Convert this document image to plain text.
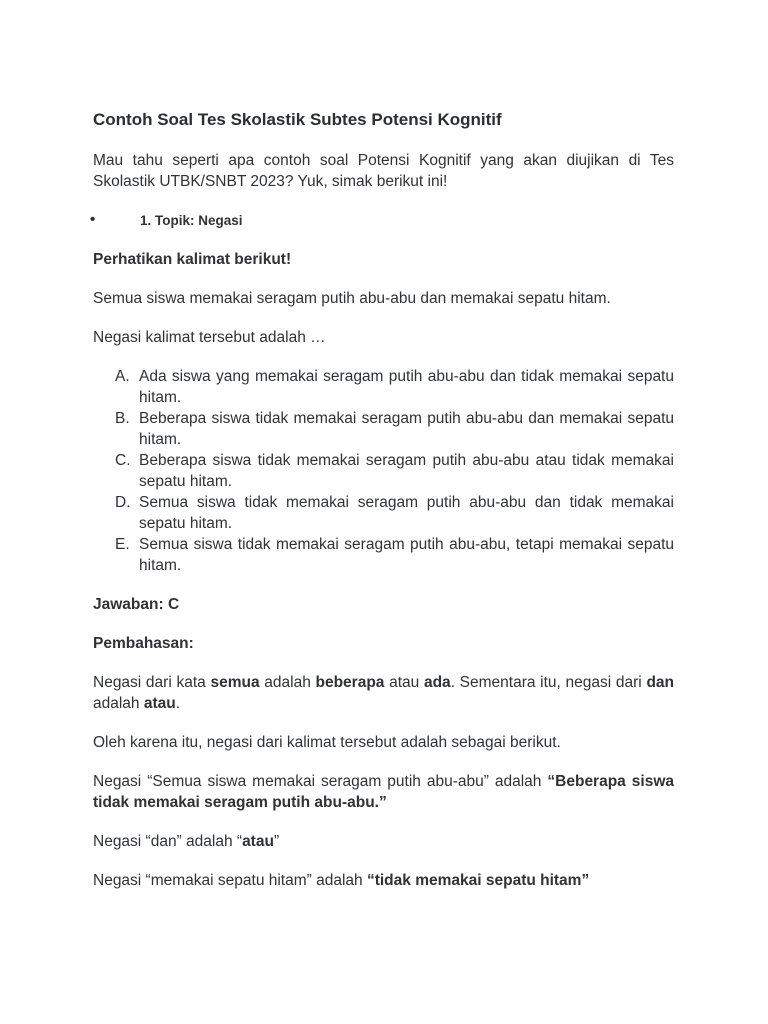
Contoh Soal Tes Skolastik Subtes Potensi Kognitif

Mau tahu seperti apa contoh soal Potensi Kognitif yang akan diujikan di Tes Skolastik UTBK/SNBT 2023? Yuk, simak berikut ini!

•	1. Topik: Negasi

Perhatikan kalimat berikut!

Semua siswa memakai seragam putih abu-abu dan memakai sepatu hitam.

Negasi kalimat tersebut adalah …

A. Ada siswa yang memakai seragam putih abu-abu dan tidak memakai sepatu hitam.
B. Beberapa siswa tidak memakai seragam putih abu-abu dan memakai sepatu hitam.
C. Beberapa siswa tidak memakai seragam putih abu-abu atau tidak memakai sepatu hitam.
D. Semua siswa tidak memakai seragam putih abu-abu dan tidak memakai sepatu hitam.
E. Semua siswa tidak memakai seragam putih abu-abu, tetapi memakai sepatu hitam.

Jawaban: C

Pembahasan:

Negasi dari kata semua adalah beberapa atau ada. Sementara itu, negasi dari dan adalah atau.

Oleh karena itu, negasi dari kalimat tersebut adalah sebagai berikut.

Negasi “Semua siswa memakai seragam putih abu-abu” adalah “Beberapa siswa tidak memakai seragam putih abu-abu.”

Negasi “dan” adalah “atau”

Negasi “memakai sepatu hitam” adalah “tidak memakai sepatu hitam”
